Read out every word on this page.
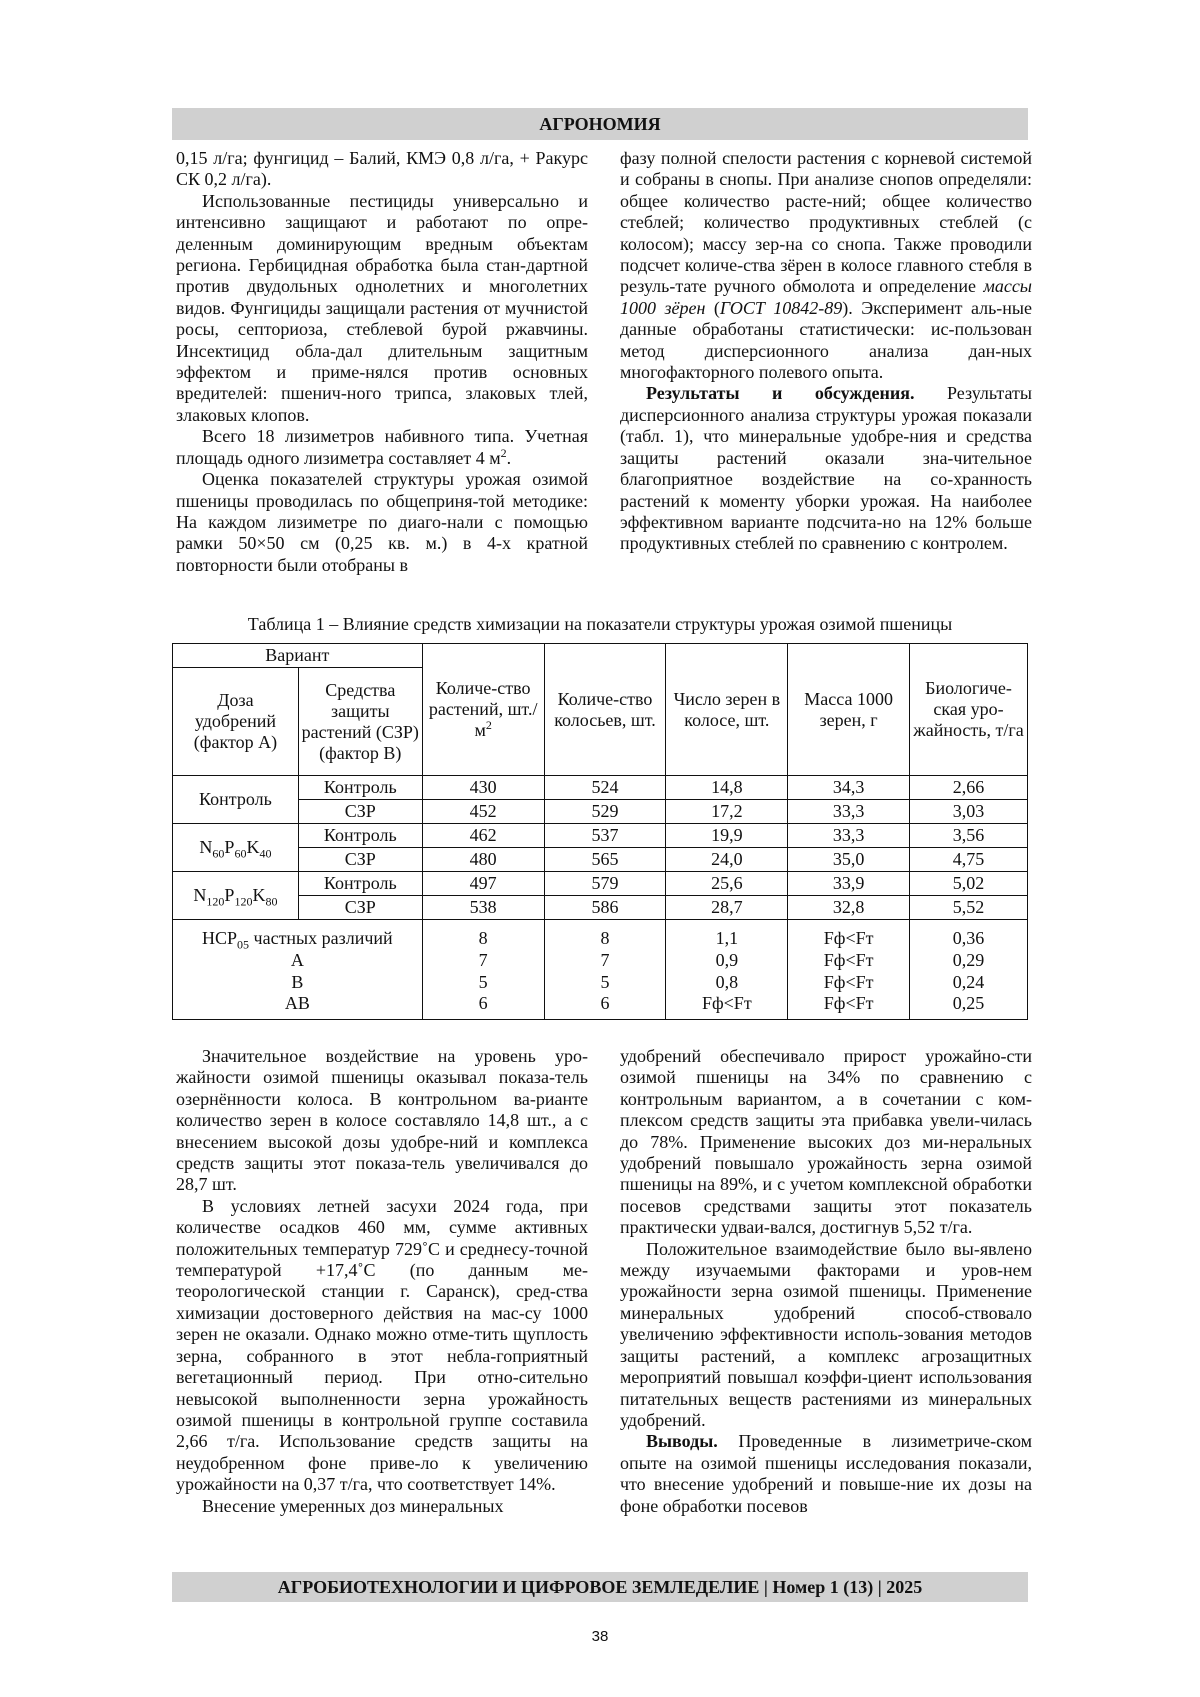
АГРОНОМИЯ

0,15 л/га; фунгицид – Балий, КМЭ 0,8 л/га, + Ракурс СК 0,2 л/га).

Использованные пестициды универсально и интенсивно защищают и работают по опре-деленным доминирующим вредным объектам региона. Гербицидная обработка была стан-дартной против двудольных однолетних и многолетних видов. Фунгициды защищали растения от мучнистой росы, септориоза, стеблевой бурой ржавчины. Инсектицид обла-дал длительным защитным эффектом и приме-нялся против основных вредителей: пшенич-ного трипса, злаковых тлей, злаковых клопов.

Всего 18 лизиметров набивного типа. Учетная площадь одного лизиметра составляет 4 $м^2$.

Оценка показателей структуры урожая озимой пшеницы проводилась по общеприня-той методике: На каждом лизиметре по диаго-нали с помощью рамки 50×50 см (0,25 кв. м.) в 4-х кратной повторности были отобраны в

фазу полной спелости растения с корневой системой и собраны в снопы. При анализе снопов определяли: общее количество расте-ний; общее количество стеблей; количество продуктивных стеблей (с колосом); массу зер-на со снопа. Также проводили подсчет количе-ства зёрен в колосе главного стебля в резуль-тате ручного обмолота и определение массы 1000 зёрен (ГОСТ 10842-89). Эксперимент аль-ные данные обработаны статистически: ис-пользован метод дисперсионного анализа дан-ных многофакторного полевого опыта.

Результаты и обсуждения. Результаты дисперсионного анализа структуры урожая показали (табл. 1), что минеральные удобре-ния и средства защиты растений оказали зна-чительное благоприятное воздействие на со-хранность растений к моменту уборки урожая. На наиболее эффективном варианте подсчита-но на 12% больше продуктивных стеблей по сравнению с контролем.

Таблица 1 – Влияние средств химизации на показатели структуры урожая озимой пшеницы
Вариант		Количе-ство растений, $шт./м^2$	Количе-ство колосьев, шт.	Число зерен в колосе, шт.	Масса 1000 зерен, г	Биологиче-ская уро-жайность, т/га
Доза удобрений (фактор А)	Средства защиты растений (СЗР) (фактор В)					
Контроль	Контроль	430	524	14,8	34,3	2,66
	СЗР	452	529	17,2	33,3	3,03
$N_{60}P_{60}K_{40}$	Контроль	462	537	19,9	33,3	3,56
	СЗР	480	565	24,0	35,0	4,75
$N_{120}P_{120}K_{80}$	Контроль	497	579	25,6	33,9	5,02
	СЗР	538	586	28,7	32,8	5,52
$НСР_{05}$ частных различий		8	8	1,1	Fф<Fт	0,36
А		7	7	0,9	Fф<Fт	0,29
В		5	5	0,8	Fф<Fт	0,24
АВ		6	6	Fф<Fт	Fф<Fт	0,25

Значительное воздействие на уровень уро-жайности озимой пшеницы оказывал показа-тель озернённости колоса. В контрольном ва-рианте количество зерен в колосе составляло 14,8 шт., а с внесением высокой дозы удобре-ний и комплекса средств защиты этот показа-тель увеличивался до 28,7 шт.

В условиях летней засухи 2024 года, при количестве осадков 460 мм, сумме активных положительных температур 729˚С и среднесу-точной температурой +17,4˚С (по данным ме-теорологической станции г. Саранск), сред-ства химизации достоверного действия на мас-су 1000 зерен не оказали. Однако можно отме-тить щуплость зерна, собранного в этот небла-гоприятный вегетационный период. При отно-сительно невысокой выполненности зерна урожайность озимой пшеницы в контрольной группе составила 2,66 т/га. Использование средств защиты на неудобренном фоне приве-ло к увеличению урожайности на 0,37 т/га, что соответствует 14%.

Внесение умеренных доз минеральных

удобрений обеспечивало прирост урожайно-сти озимой пшеницы на 34% по сравнению с контрольным вариантом, а в сочетании с ком-плексом средств защиты эта прибавка увели-чилась до 78%. Применение высоких доз ми-неральных удобрений повышало урожайность зерна озимой пшеницы на 89%, и с учетом комплексной обработки посевов средствами защиты этот показатель практически удваи-вался, достигнув 5,52 т/га.

Положительное взаимодействие было вы-явлено между изучаемыми факторами и уров-нем урожайности зерна озимой пшеницы. Применение минеральных удобрений способ-ствовало увеличению эффективности исполь-зования методов защиты растений, а комплекс агрозащитных мероприятий повышал коэффи-циент использования питательных веществ растениями из минеральных удобрений.

Выводы. Проведенные в лизиметриче-ском опыте на озимой пшеницы исследования показали, что внесение удобрений и повыше-ние их дозы на фоне обработки посевов

АГРОБИОТЕХНОЛОГИИ И ЦИФРОВОЕ ЗЕМЛЕДЕЛИЕ | Номер 1 (13) | 2025
38
